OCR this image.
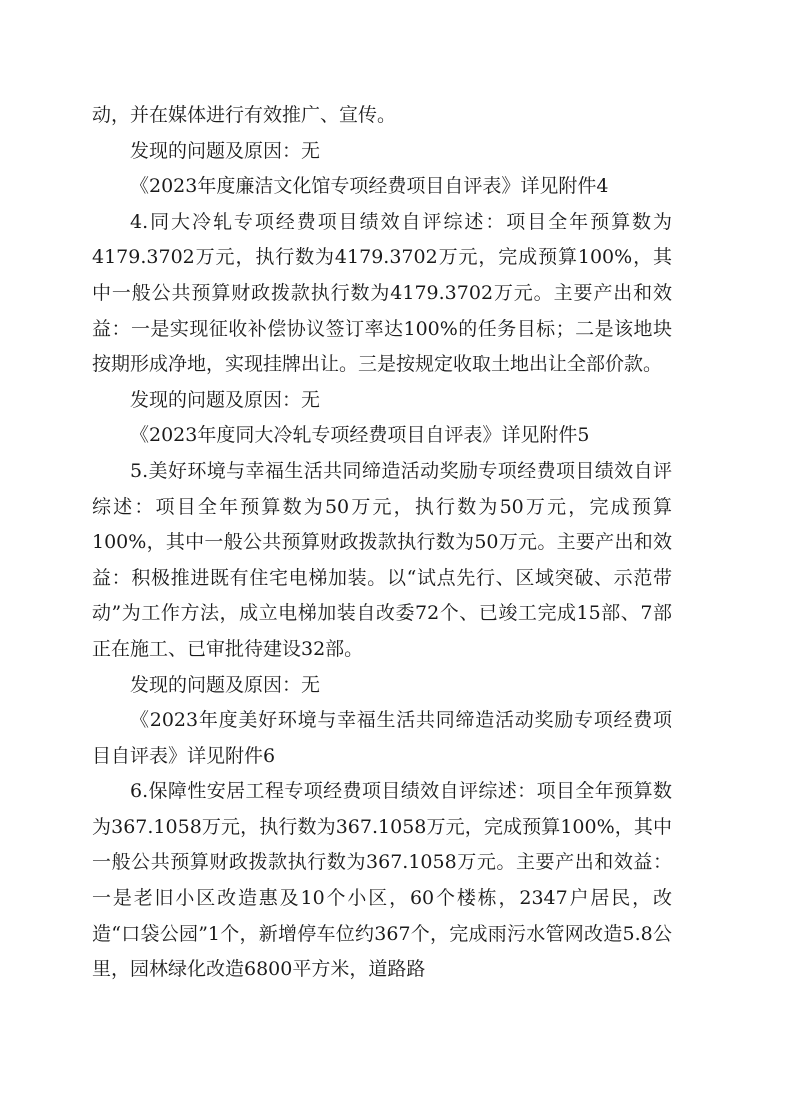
动，并在媒体进行有效推广、宣传。

发现的问题及原因：无

《2023年度廉洁文化馆专项经费项目自评表》详见附件4

4.同大冷轧专项经费项目绩效自评综述：项目全年预算数为4179.3702万元，执行数为4179.3702万元，完成预算100%，其中一般公共预算财政拨款执行数为4179.3702万元。主要产出和效益：一是实现征收补偿协议签订率达100%的任务目标；二是该地块按期形成净地，实现挂牌出让。三是按规定收取土地出让全部价款。

发现的问题及原因：无

《2023年度同大冷轧专项经费项目自评表》详见附件5

5.美好环境与幸福生活共同缔造活动奖励专项经费项目绩效自评综述：项目全年预算数为50万元，执行数为50万元，完成预算100%，其中一般公共预算财政拨款执行数为50万元。主要产出和效益：积极推进既有住宅电梯加装。以“试点先行、区域突破、示范带动”为工作方法，成立电梯加装自改委72个、已竣工完成15部、7部正在施工、已审批待建设32部。

发现的问题及原因：无

《2023年度美好环境与幸福生活共同缔造活动奖励专项经费项目自评表》详见附件6

6.保障性安居工程专项经费项目绩效自评综述：项目全年预算数为367.1058万元，执行数为367.1058万元，完成预算100%，其中一般公共预算财政拨款执行数为367.1058万元。主要产出和效益：一是老旧小区改造惠及10个小区，60个楼栋，2347户居民，改造“口袋公园”1个，新增停车位约367个，完成雨污水管网改造5.8公里，园林绿化改造6800平方米，道路路
